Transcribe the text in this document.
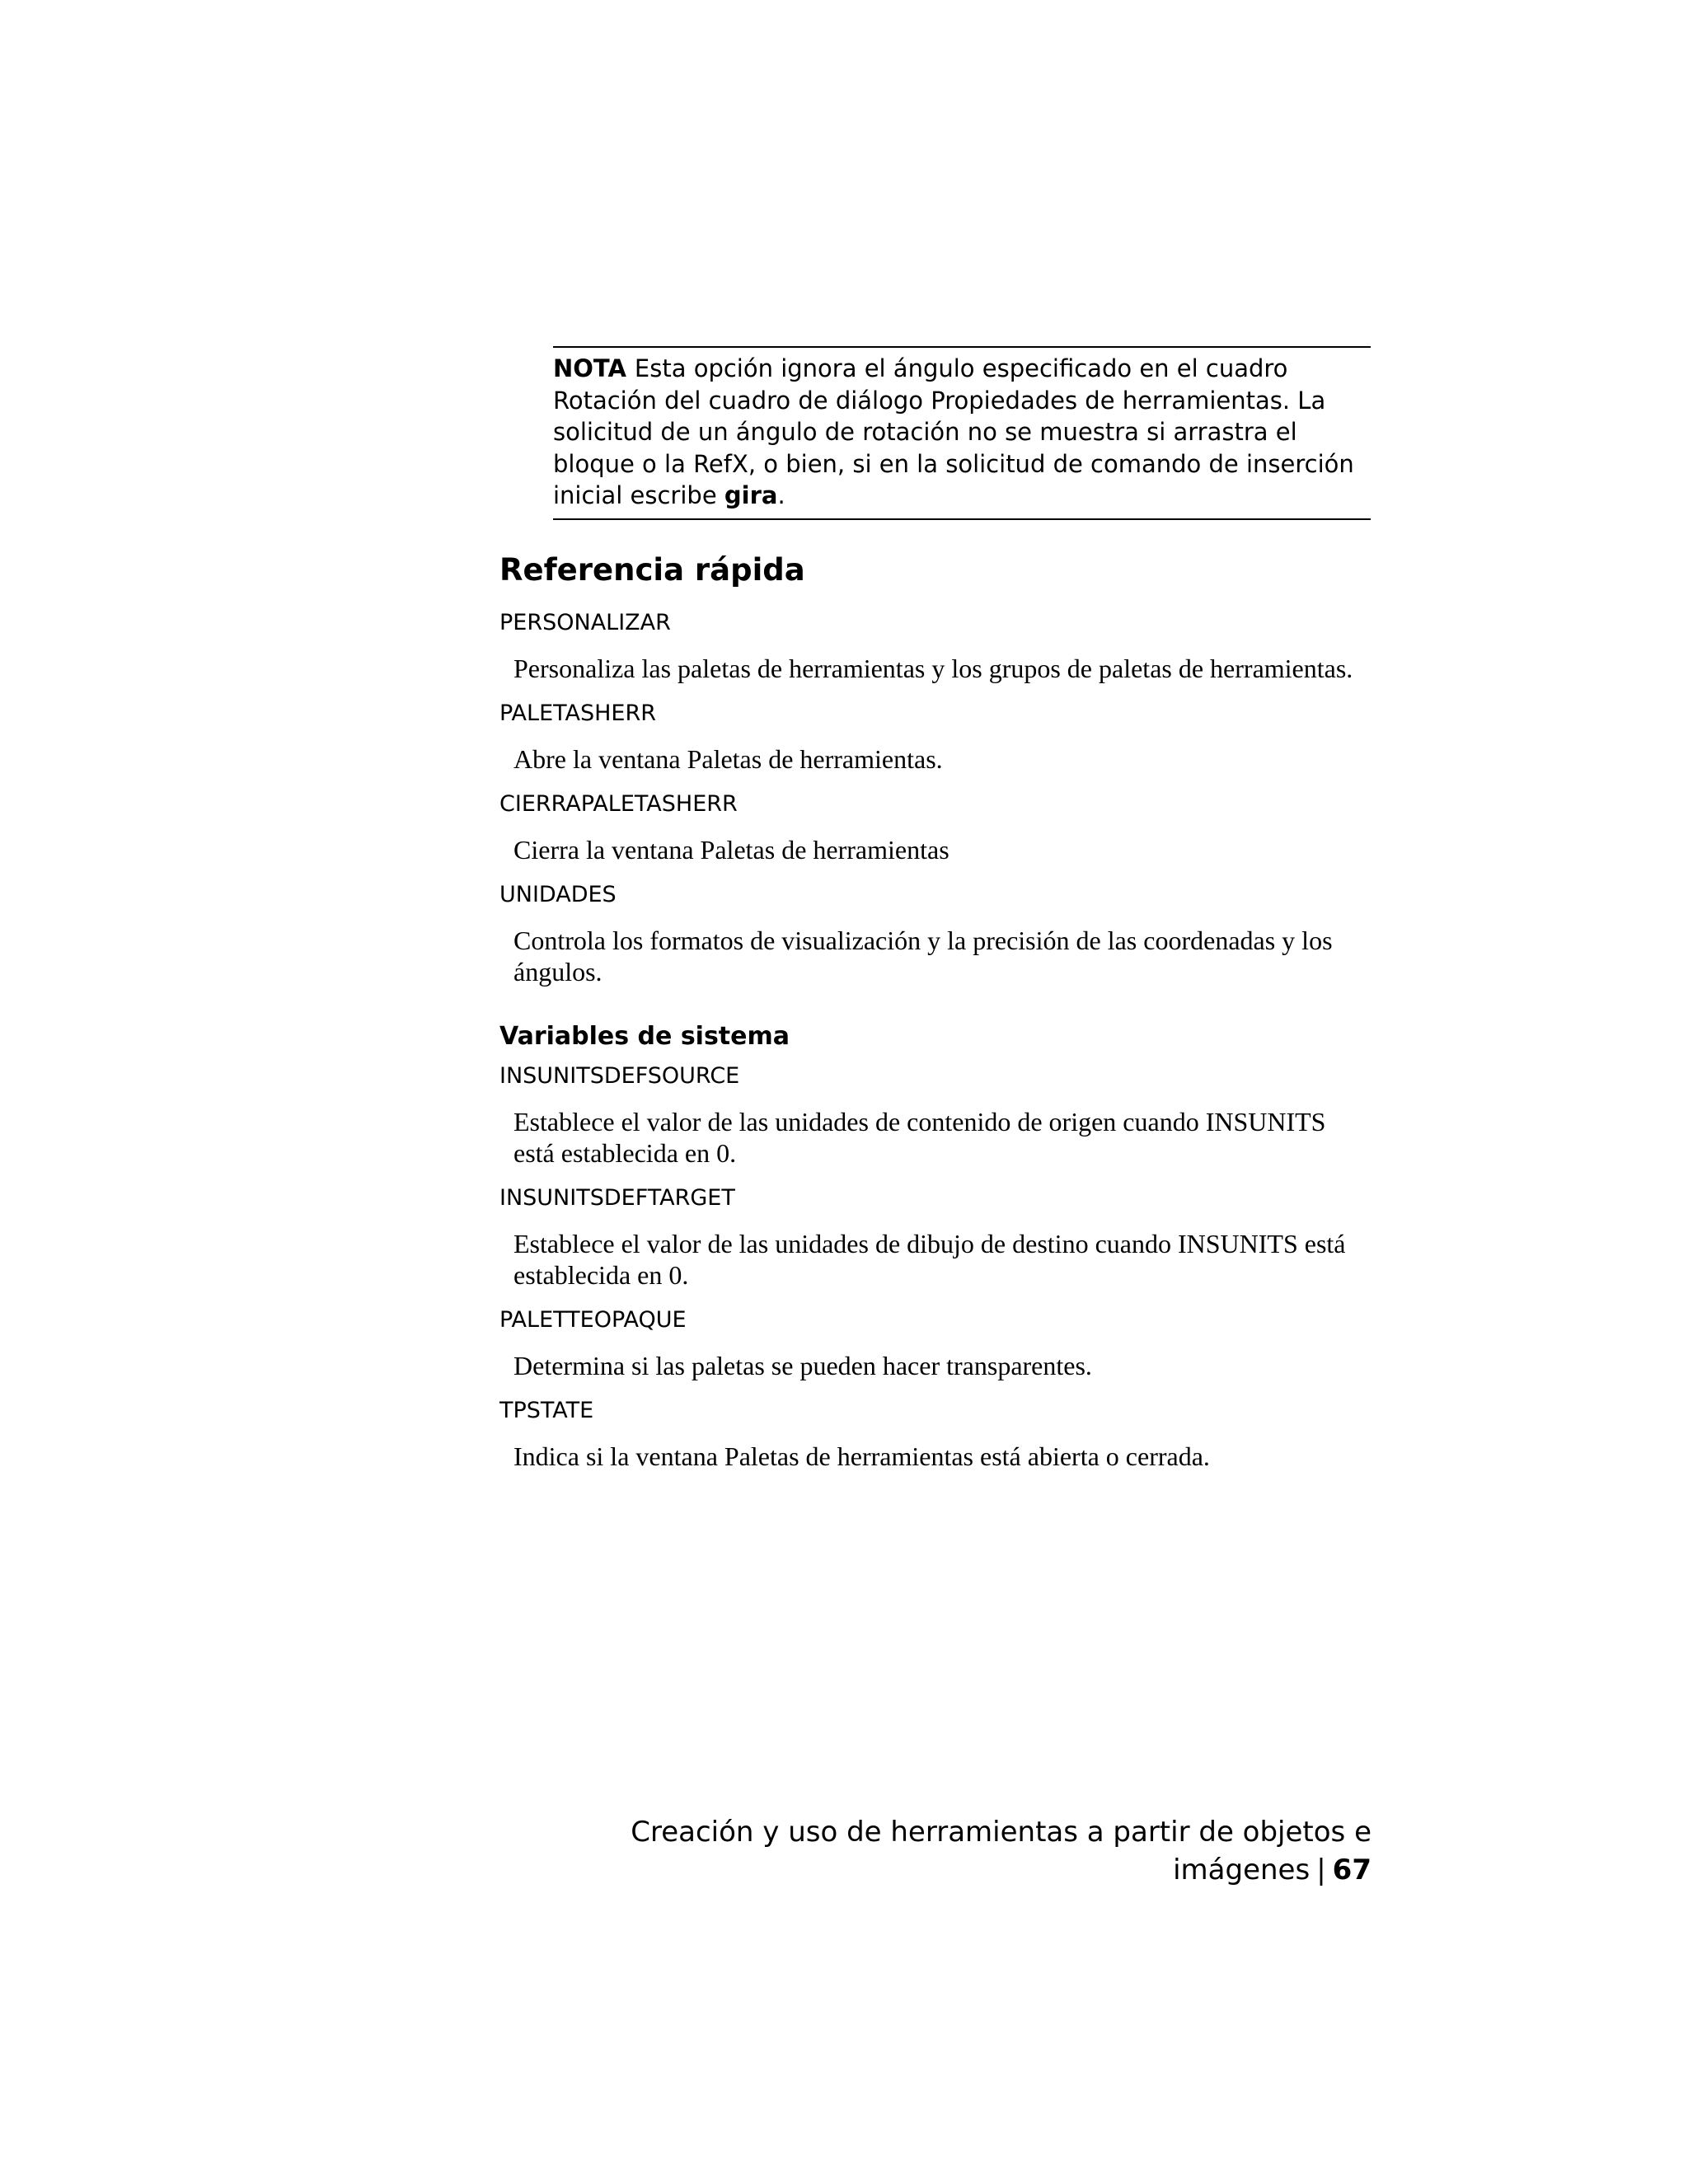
NOTA Esta opción ignora el ángulo especificado en el cuadro Rotación del cuadro de diálogo Propiedades de herramientas. La solicitud de un ángulo de rotación no se muestra si arrastra el bloque o la RefX, o bien, si en la solicitud de comando de inserción inicial escribe gira.
Referencia rápida
PERSONALIZAR
Personaliza las paletas de herramientas y los grupos de paletas de herramientas.
PALETASHERR
Abre la ventana Paletas de herramientas.
CIERRAPALETASHERR
Cierra la ventana Paletas de herramientas
UNIDADES
Controla los formatos de visualización y la precisión de las coordenadas y los ángulos.
Variables de sistema
INSUNITSDEFSOURCE
Establece el valor de las unidades de contenido de origen cuando INSUNITS está establecida en 0.
INSUNITSDEFTARGET
Establece el valor de las unidades de dibujo de destino cuando INSUNITS está establecida en 0.
PALETTEOPAQUE
Determina si las paletas se pueden hacer transparentes.
TPSTATE
Indica si la ventana Paletas de herramientas está abierta o cerrada.
Creación y uso de herramientas a partir de objetos e imágenes | 67
